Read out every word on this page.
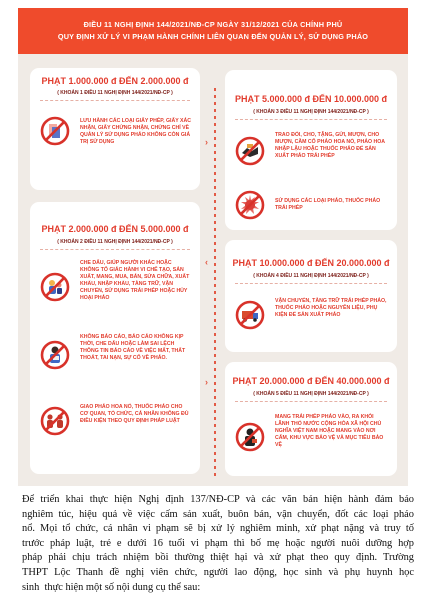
ĐIỀU 11 NGHỊ ĐỊNH 144/2021/NĐ-CP NGÀY 31/12/2021 CỦA CHÍNH PHỦ
QUY ĐỊNH XỬ LÝ VI PHẠM HÀNH CHÍNH LIÊN QUAN ĐẾN QUẢN LÝ, SỬ DỤNG PHÁO
›
‹
›
PHẠT 1.000.000 đ ĐẾN 2.000.000 đ
( KHOẢN 1 ĐIỀU 11 NGHỊ ĐỊNH 144/2021/NĐ-CP )
LƯU HÀNH CÁC LOẠI GIẤY PHÉP, GIẤY XÁC NHẬN, GIẤY CHỨNG NHẬN, CHỨNG CHỈ VỀ QUẢN LÝ SỬ DỤNG PHÁO KHÔNG CÒN GIÁ TRỊ SỬ DỤNG
PHẠT 2.000.000 đ ĐẾN 5.000.000 đ
( KHOẢN 2 ĐIỀU 11 NGHỊ ĐỊNH 144/2021/NĐ-CP )
CHE DẤU, GIÚP NGƯỜI KHÁC HOẶC KHÔNG TỐ GIÁC HÀNH VI CHẾ TẠO, SẢN XUẤT, MANG, MUA, BÁN, SỬA CHỮA, XUẤT KHẨU, NHẬP KHẨU, TÀNG TRỮ, VẬN CHUYỂN, SỬ DỤNG TRÁI PHÉP HOẶC HỦY HOẠI PHÁO
KHÔNG BÁO CÁO, BÁO CÁO KHÔNG KỊP THỜI, CHE DẤU HOẶC LÀM SAI LỆCH THÔNG TIN BÁO CÁO VỀ VIỆC MẤT, THẤT THOÁT, TAI NẠN, SỰ CỐ VỀ PHÁO.
GIAO PHÁO HOA NỔ, THUỐC PHÁO CHO CƠ QUAN, TỔ CHỨC, CÁ NHÂN KHÔNG ĐỦ ĐIỀU KIỆN THEO QUY ĐỊNH PHÁP LUẬT
PHẠT 5.000.000 đ ĐẾN 10.000.000 đ
( KHOẢN 3 ĐIỀU 11 NGHỊ ĐỊNH 144/2021/NĐ-CP )
TRAO ĐỔI, CHO, TẶNG, GỬI, MƯỢN, CHO MƯỢN, CẦM CỐ PHÁO HOA NỔ, PHÁO HOA NHẬP LẬU HOẶC THUỐC PHÁO ĐỂ SẢN XUẤT PHÁO TRÁI PHÉP
SỬ DỤNG CÁC LOẠI PHÁO, THUỐC PHÁO TRÁI PHÉP
PHẠT 10.000.000 đ ĐẾN 20.000.000 đ
( KHOẢN 4 ĐIỀU 11 NGHỊ ĐỊNH 144/2021/NĐ-CP )
VẬN CHUYỂN, TÀNG TRỮ TRÁI PHÉP PHÁO, THUỐC PHÁO HOẶC NGUYÊN LIỆU, PHỤ KIỆN ĐỂ SẢN XUẤT PHÁO
PHẠT 20.000.000 đ ĐẾN 40.000.000 đ
( KHOẢN 5 ĐIỀU 11 NGHỊ ĐỊNH 144/2021/NĐ-CP )
MANG TRÁI PHÉP PHÁO VÀO, RA KHỎI LÃNH THỔ NƯỚC CỘNG HÒA XÃ HỘI CHỦ NGHĨA VIỆT NAM HOẶC MANG VÀO NƠI CẤM, KHU VỰC BẢO VỆ VÀ MỤC TIÊU BẢO VỆ

Để triển khai thực hiện Nghị định 137/NĐ-CP và các văn bản hiện hành đảm bảo
nghiêm túc, hiệu quả về việc cấm sản xuất, buôn bán, vận chuyển, đốt các loại pháo
nổ. Mọi tổ chức, cá nhân vi phạm sẽ bị xử lý nghiêm minh, xử phạt nặng và truy tố
trước pháp luật, trẻ e dưới 16 tuổi vi phạm thì bố mẹ hoặc người nuôi dưỡng hợp
pháp phải chịu trách nhiệm bồi thường thiệt hại và xử phạt theo quy định. Trường
THPT Lộc Thanh đề nghị viên chức, người lao động, học sinh và phụ huynh học
sinh  thực hiện một số nội dung cụ thể sau:
